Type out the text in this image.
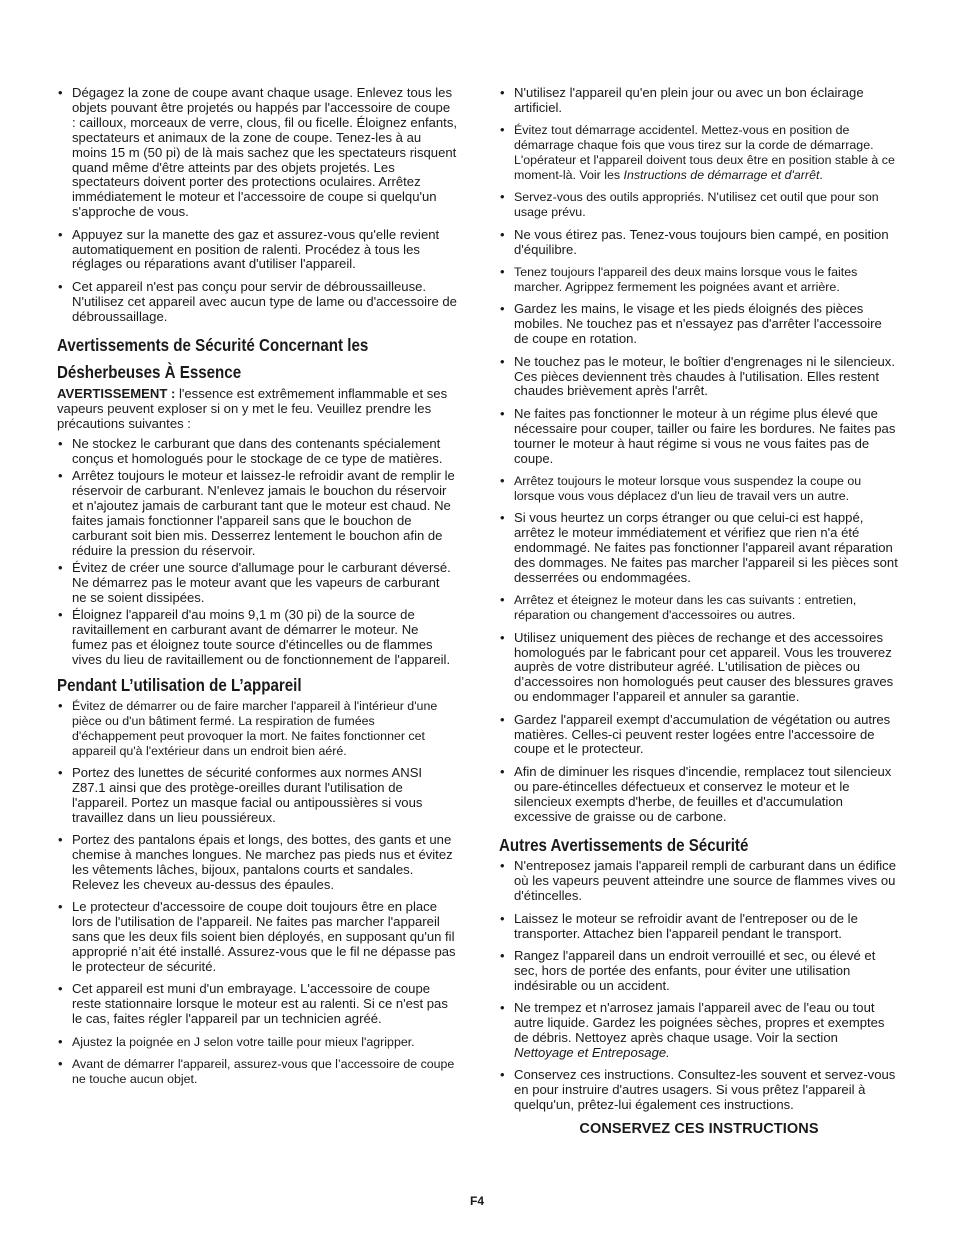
• Dégagez la zone de coupe avant chaque usage. Enlevez tous les objets pouvant être projetés ou happés par l'accessoire de coupe : cailloux, morceaux de verre, clous, fil ou ficelle. Éloignez enfants, spectateurs et animaux de la zone de coupe. Tenez-les à au moins 15 m (50 pi) de là mais sachez que les spectateurs risquent quand même d'être atteints par des objets projetés. Les spectateurs doivent porter des protections oculaires. Arrêtez immédiatement le moteur et l'accessoire de coupe si quelqu'un s'approche de vous.
• Appuyez sur la manette des gaz et assurez-vous qu'elle revient automatiquement en position de ralenti. Procédez à tous les réglages ou réparations avant d'utiliser l'appareil.
• Cet appareil n'est pas conçu pour servir de débroussailleuse. N'utilisez cet appareil avec aucun type de lame ou d'accessoire de débroussaillage.
Avertissements de Sécurité Concernant les
Désherbeuses À Essence

AVERTISSEMENT : l'essence est extrêmement inflammable et ses vapeurs peuvent exploser si on y met le feu. Veuillez prendre les précautions suivantes :

• Ne stockez le carburant que dans des contenants spécialement conçus et homologués pour le stockage de ce type de matières.
• Arrêtez toujours le moteur et laissez-le refroidir avant de remplir le réservoir de carburant. N'enlevez jamais le bouchon du réservoir et n'ajoutez jamais de carburant tant que le moteur est chaud. Ne faites jamais fonctionner l'appareil sans que le bouchon de carburant soit bien mis. Desserrez lentement le bouchon afin de réduire la pression du réservoir.
• Évitez de créer une source d'allumage pour le carburant déversé. Ne démarrez pas le moteur avant que les vapeurs de carburant ne se soient dissipées.
• Éloignez l'appareil d'au moins 9,1 m (30 pi) de la source de ravitaillement en carburant avant de démarrer le moteur. Ne fumez pas et éloignez toute source d'étincelles ou de flammes vives du lieu de ravitaillement ou de fonctionnement de l'appareil.
Pendant L’utilisation de L’appareil
• Évitez de démarrer ou de faire marcher l'appareil à l'intérieur d'une pièce ou d'un bâtiment fermé. La respiration de fumées d'échappement peut provoquer la mort. Ne faites fonctionner cet appareil qu'à l'extérieur dans un endroit bien aéré.
• Portez des lunettes de sécurité conformes aux normes ANSI Z87.1 ainsi que des protège-oreilles durant l'utilisation de l'appareil. Portez un masque facial ou antipoussières si vous travaillez dans un lieu poussiéreux.
• Portez des pantalons épais et longs, des bottes, des gants et une chemise à manches longues. Ne marchez pas pieds nus et évitez les vêtements lâches, bijoux, pantalons courts et sandales. Relevez les cheveux au-dessus des épaules.
• Le protecteur d'accessoire de coupe doit toujours être en place lors de l'utilisation de l'appareil. Ne faites pas marcher l'appareil sans que les deux fils soient bien déployés, en supposant qu'un fil approprié n’ait été installé. Assurez-vous que le fil ne dépasse pas le protecteur de sécurité.
• Cet appareil est muni d'un embrayage. L'accessoire de coupe reste stationnaire lorsque le moteur est au ralenti. Si ce n'est pas le cas, faites régler l'appareil par un technicien agréé.
• Ajustez la poignée en J selon votre taille pour mieux l'agripper.
• Avant de démarrer l'appareil, assurez-vous que l’accessoire de coupe ne touche aucun objet.
• N'utilisez l'appareil qu'en plein jour ou avec un bon éclairage artificiel.
• Évitez tout démarrage accidentel. Mettez-vous en position de démarrage chaque fois que vous tirez sur la corde de démarrage. L'opérateur et l'appareil doivent tous deux être en position stable à ce moment-là. Voir les Instructions de démarrage et d'arrêt.
• Servez-vous des outils appropriés. N'utilisez cet outil que pour son usage prévu.
• Ne vous étirez pas. Tenez-vous toujours bien campé, en position d'équilibre.
• Tenez toujours l'appareil des deux mains lorsque vous le faites marcher. Agrippez fermement les poignées avant et arrière.
• Gardez les mains, le visage et les pieds éloignés des pièces mobiles. Ne touchez pas et n'essayez pas d'arrêter l'accessoire de coupe en rotation.
• Ne touchez pas le moteur, le boîtier d'engrenages ni le silencieux. Ces pièces deviennent très chaudes à l'utilisation. Elles restent chaudes brièvement après l'arrêt.
• Ne faites pas fonctionner le moteur à un régime plus élevé que nécessaire pour couper, tailler ou faire les bordures. Ne faites pas tourner le moteur à haut régime si vous ne vous faites pas de coupe.
• Arrêtez toujours le moteur lorsque vous suspendez la coupe ou lorsque vous vous déplacez d'un lieu de travail vers un autre.
• Si vous heurtez un corps étranger ou que celui-ci est happé, arrêtez le moteur immédiatement et vérifiez que rien n'a été endommagé. Ne faites pas fonctionner l'appareil avant réparation des dommages. Ne faites pas marcher l'appareil si les pièces sont desserrées ou endommagées.
• Arrêtez et éteignez le moteur dans les cas suivants : entretien, réparation ou changement d'accessoires ou autres.
• Utilisez uniquement des pièces de rechange et des accessoires homologués par le fabricant pour cet appareil. Vous les trouverez auprès de votre distributeur agréé. L'utilisation de pièces ou d’accessoires non homologués peut causer des blessures graves ou endommager l’appareil et annuler sa garantie.
• Gardez l'appareil exempt d'accumulation de végétation ou autres matières. Celles-ci peuvent rester logées entre l'accessoire de coupe et le protecteur.
• Afin de diminuer les risques d'incendie, remplacez tout silencieux ou pare-étincelles défectueux et conservez le moteur et le silencieux exempts d'herbe, de feuilles et d'accumulation excessive de graisse ou de carbone.
Autres Avertissements de Sécurité
• N'entreposez jamais l'appareil rempli de carburant dans un édifice où les vapeurs peuvent atteindre une source de flammes vives ou d'étincelles.
• Laissez le moteur se refroidir avant de l'entreposer ou de le transporter. Attachez bien l'appareil pendant le transport.
• Rangez l'appareil dans un endroit verrouillé et sec, ou élevé et sec, hors de portée des enfants, pour éviter une utilisation indésirable ou un accident.
• Ne trempez et n'arrosez jamais l'appareil avec de l'eau ou tout autre liquide. Gardez les poignées sèches, propres et exemptes de débris. Nettoyez après chaque usage. Voir la section Nettoyage et Entreposage.
• Conservez ces instructions. Consultez-les souvent et servez-vous en pour instruire d'autres usagers. Si vous prêtez l'appareil à quelqu'un, prêtez-lui également ces instructions.
CONSERVEZ CES INSTRUCTIONS
F4
